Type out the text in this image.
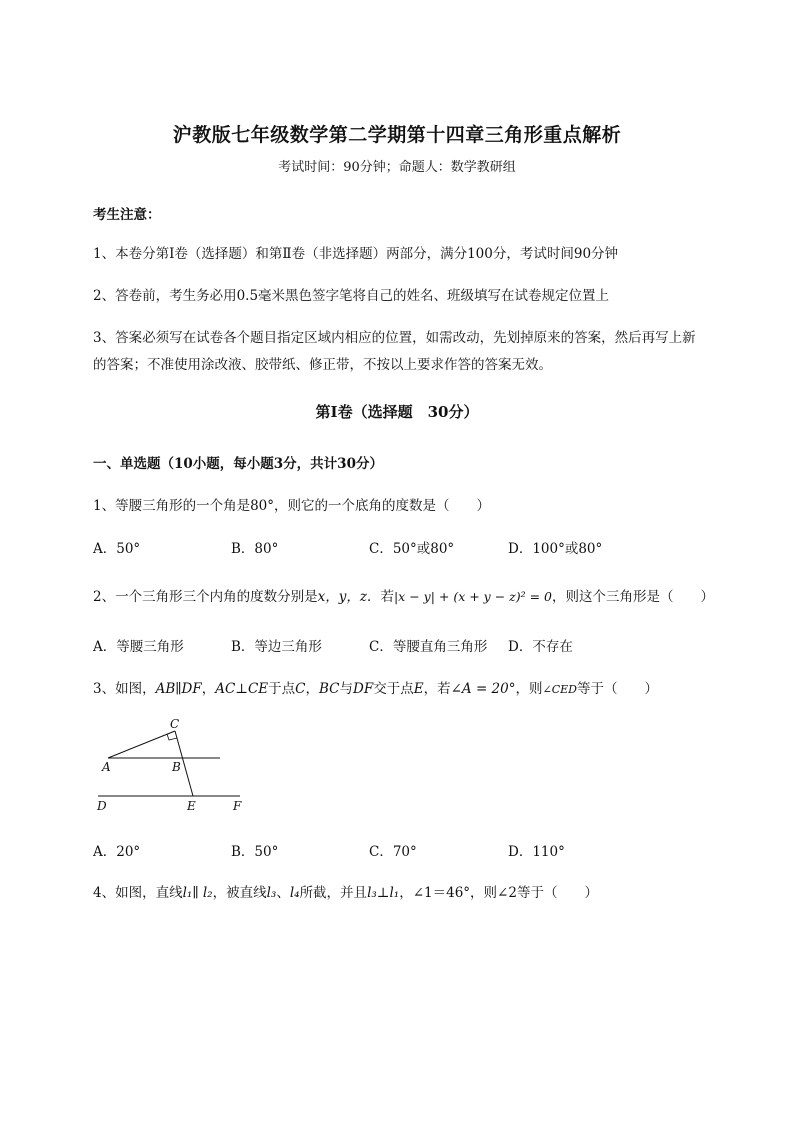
沪教版七年级数学第二学期第十四章三角形重点解析
考试时间：90分钟；命题人：数学教研组
考生注意：
1、本卷分第I卷（选择题）和第Ⅱ卷（非选择题）两部分，满分100分，考试时间90分钟
2、答卷前，考生务必用0.5毫米黑色签字笔将自己的姓名、班级填写在试卷规定位置上
3、答案必须写在试卷各个题目指定区域内相应的位置，如需改动，先划掉原来的答案，然后再写上新
的答案；不准使用涂改液、胶带纸、修正带，不按以上要求作答的答案无效。
第I卷（选择题　30分）
一、单选题（10小题，每小题3分，共计30分）
1、等腰三角形的一个角是80°，则它的一个底角的度数是（　　）
A．50°	B．80°	C．50°或80°	D．100°或80°
2、一个三角形三个内角的度数分别是x，y，z．若|x − y| + (x + y − z)² = 0，则这个三角形是（　　）
A．等腰三角形	B．等边三角形	C．等腰直角三角形 D．不存在
3、如图，AB∥DF，AC⊥CE于点C，BC与DF交于点E，若∠A = 20°，则∠CED等于（　　）
C
A	B
D	E	F
A．20°	B．50°	C．70°	D．110°
4、如图，直线l₁∥ l₂，被直线l₃、l₄所截，并且l₃⊥l₁，∠1＝46°，则∠2等于（　　）
